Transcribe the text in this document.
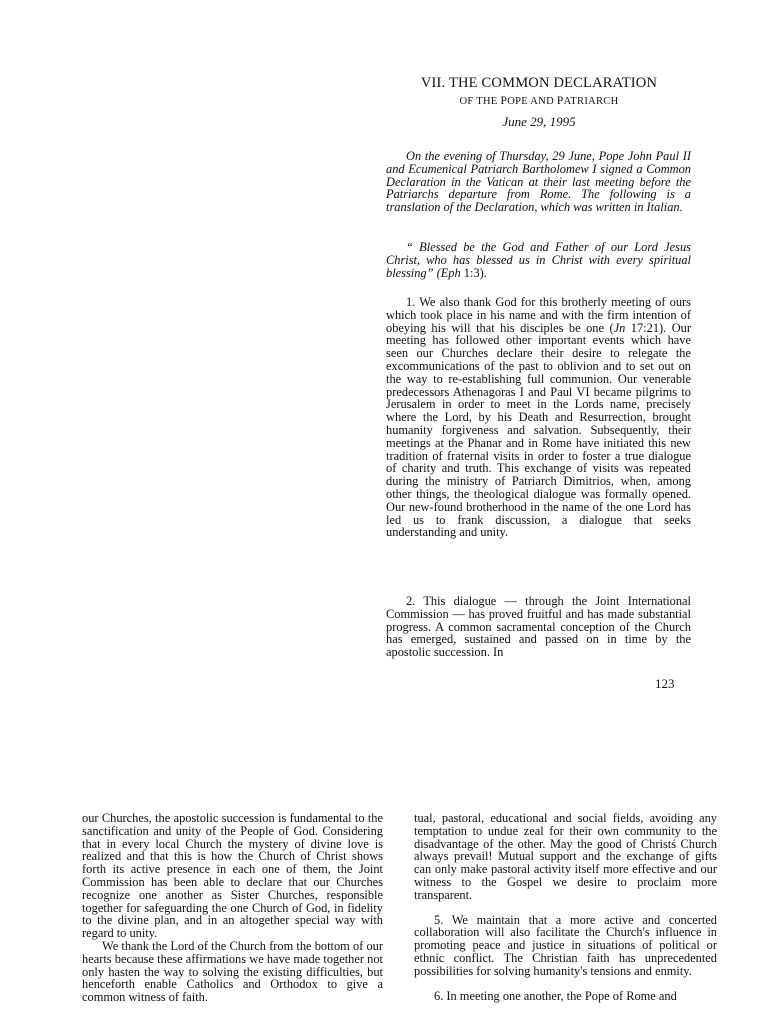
VII. THE COMMON DECLARATION

OF THE POPE AND PATRIARCH

June 29, 1995

On the evening of Thursday, 29 June, Pope John Paul II and Ecumenical Patriarch Bartholomew I signed a Common Declaration in the Vatican at their last meeting before the Patriarchs departure from Rome. The following is a translation of the Declaration, which was written in Italian.

“ Blessed be the God and Father of our Lord Jesus Christ, who has blessed us in Christ with every spiritual blessing” (Eph 1:3).

1. We also thank God for this brotherly meeting of ours which took place in his name and with the firm intention of obeying his will that his disciples be one (Jn 17:21). Our meeting has followed other important events which have seen our Churches declare their desire to relegate the excommunications of the past to oblivion and to set out on the way to re-establishing full communion. Our venerable predecessors Athenagoras I and Paul VI became pilgrims to Jerusalem in order to meet in the Lords name, precisely where the Lord, by his Death and Resurrection, brought humanity forgiveness and salvation. Subsequently, their meetings at the Phanar and in Rome have initiated this new tradition of fraternal visits in order to foster a true dialogue of charity and truth. This exchange of visits was repeated during the ministry of Patriarch Dimitrios, when, among other things, the theological dialogue was formally opened. Our new-found brotherhood in the name of the one Lord has led us to frank discussion, a dialogue that seeks understanding and unity.

2. This dialogue — through the Joint International Commission — has proved fruitful and has made substantial progress. A common sacramental conception of the Church has emerged, sustained and passed on in time by the apostolic succession. In

123

our Churches, the apostolic succession is fundamental to the sanctification and unity of the People of God. Considering that in every local Church the mystery of divine love is realized and that this is how the Church of Christ shows forth its active presence in each one of them, the Joint Commission has been able to declare that our Churches recognize one another as Sister Churches, responsible together for safeguarding the one Church of God, in fidelity to the divine plan, and in an altogether special way with regard to unity.

We thank the Lord of the Church from the bottom of our hearts because these affirmations we have made together not only hasten the way to solving the existing difficulties, but henceforth enable Catholics and Orthodox to give a common witness of faith.

tual, pastoral, educational and social fields, avoiding any temptation to undue zeal for their own community to the disadvantage of the other. May the good of Christś Church always prevail! Mutual support and the exchange of gifts can only make pastoral activity itself more effective and our witness to the Gospel we desire to proclaim more transparent.

5. We maintain that a more active and concerted collaboration will also facilitate the Church's influence in promoting peace and justice in situations of political or ethnic conflict. The Christian faith has unprecedented possibilities for solving humanity's tensions and enmity.

6. In meeting one another, the Pope of Rome and
